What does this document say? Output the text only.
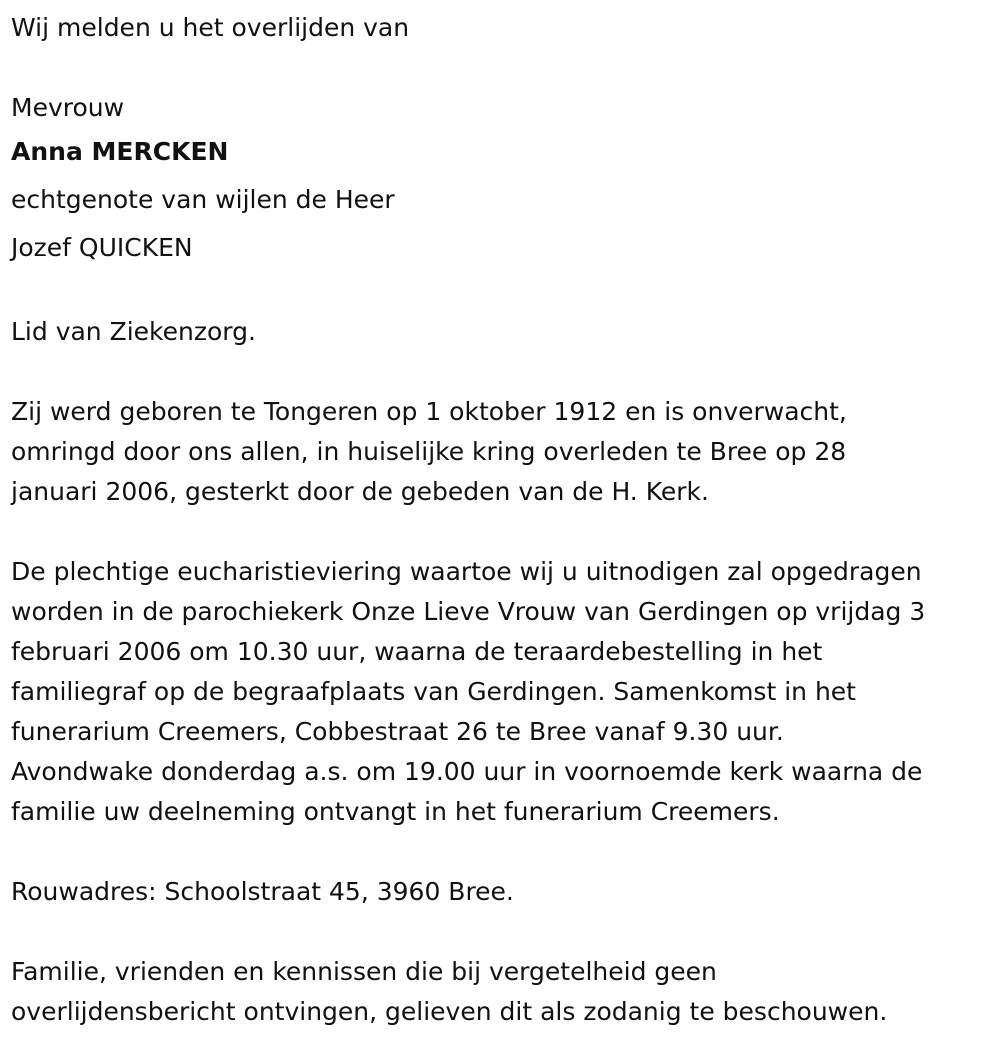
Wij melden u het overlijden van

Mevrouw

Anna MERCKEN

echtgenote van wijlen de Heer

Jozef QUICKEN

Lid van Ziekenzorg.

Zij werd geboren te Tongeren op 1 oktober 1912 en is onverwacht,

omringd door ons allen, in huiselijke kring overleden te Bree op 28

januari 2006, gesterkt door de gebeden van de H. Kerk.

De plechtige eucharistieviering waartoe wij u uitnodigen zal opgedragen

worden in de parochiekerk Onze Lieve Vrouw van Gerdingen op vrijdag 3

februari 2006 om 10.30 uur, waarna de teraardebestelling in het

familiegraf op de begraafplaats van Gerdingen. Samenkomst in het

funerarium Creemers, Cobbestraat 26 te Bree vanaf 9.30 uur.

Avondwake donderdag a.s. om 19.00 uur in voornoemde kerk waarna de

familie uw deelneming ontvangt in het funerarium Creemers.

Rouwadres: Schoolstraat 45, 3960 Bree.

Familie, vrienden en kennissen die bij vergetelheid geen

overlijdensbericht ontvingen, gelieven dit als zodanig te beschouwen.
